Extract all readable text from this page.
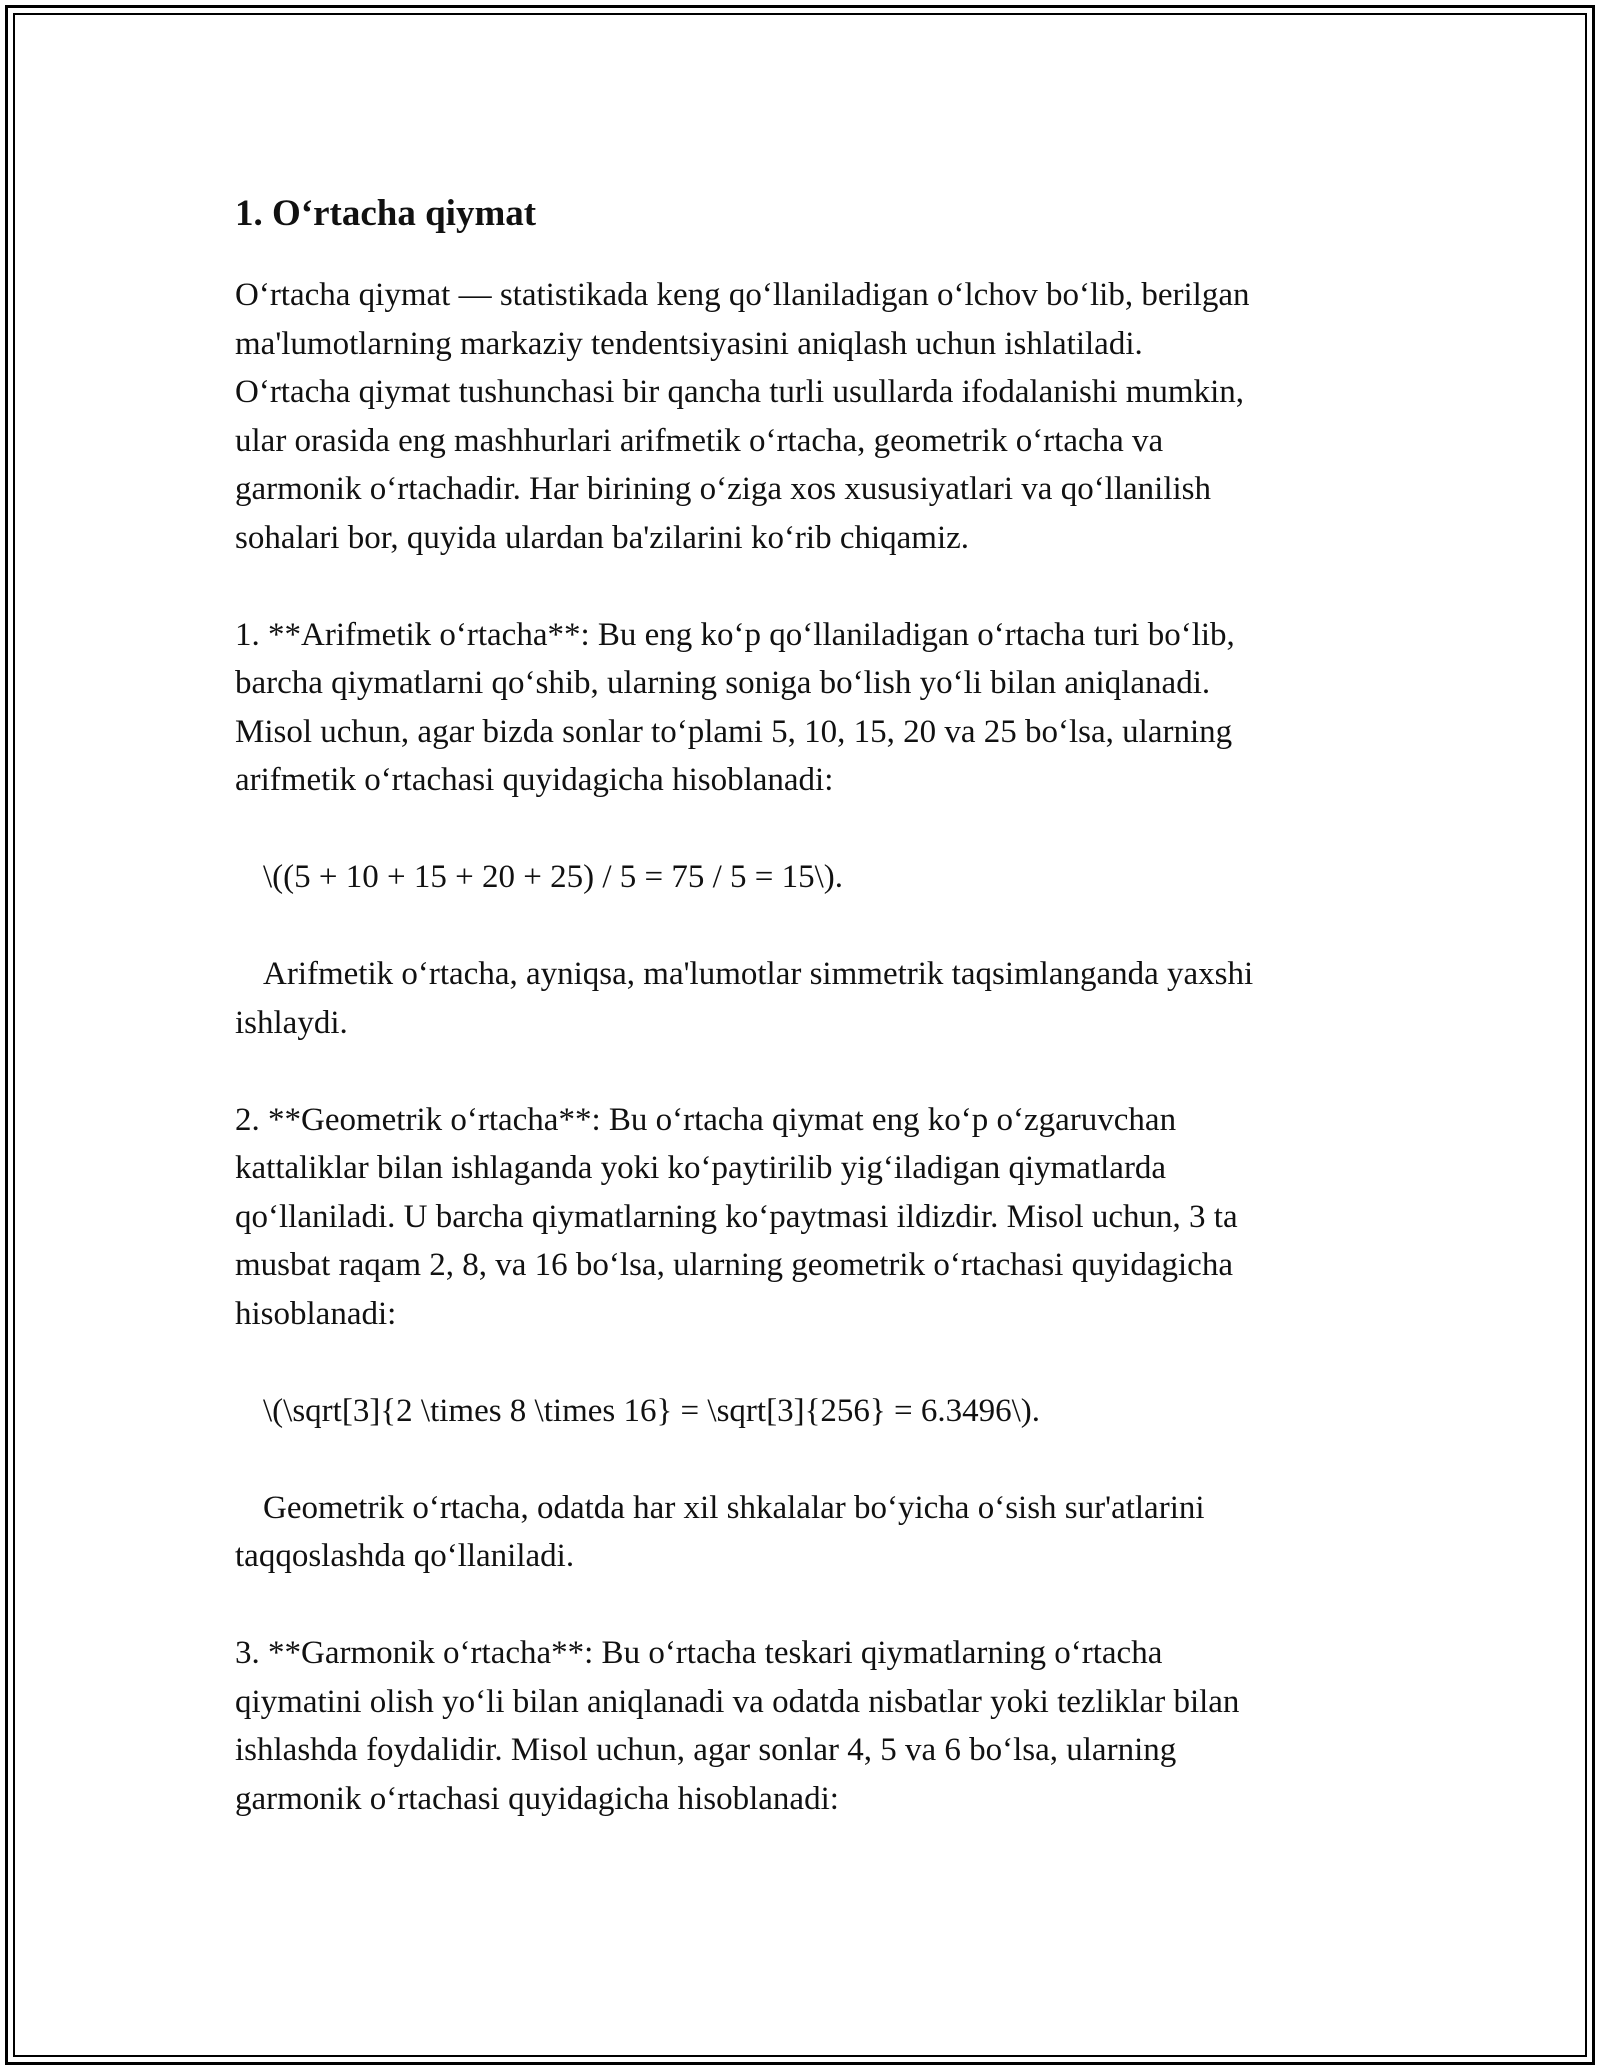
1. O‘rtacha qiymat

O‘rtacha qiymat — statistikada keng qo‘llaniladigan o‘lchov bo‘lib, berilgan
ma'lumotlarning markaziy tendentsiyasini aniqlash uchun ishlatiladi.
O‘rtacha qiymat tushunchasi bir qancha turli usullarda ifodalanishi mumkin,
ular orasida eng mashhurlari arifmetik o‘rtacha, geometrik o‘rtacha va
garmonik o‘rtachadir. Har birining o‘ziga xos xususiyatlari va qo‘llanilish
sohalari bor, quyida ulardan ba'zilarini ko‘rib chiqamiz.

1. **Arifmetik o‘rtacha**: Bu eng ko‘p qo‘llaniladigan o‘rtacha turi bo‘lib,
barcha qiymatlarni qo‘shib, ularning soniga bo‘lish yo‘li bilan aniqlanadi.
Misol uchun, agar bizda sonlar to‘plami 5, 10, 15, 20 va 25 bo‘lsa, ularning
arifmetik o‘rtachasi quyidagicha hisoblanadi:

\((5 + 10 + 15 + 20 + 25) / 5 = 75 / 5 = 15\).

Arifmetik o‘rtacha, ayniqsa, ma'lumotlar simmetrik taqsimlanganda yaxshi
ishlaydi.

2. **Geometrik o‘rtacha**: Bu o‘rtacha qiymat eng ko‘p o‘zgaruvchan
kattaliklar bilan ishlaganda yoki ko‘paytirilib yig‘iladigan qiymatlarda
qo‘llaniladi. U barcha qiymatlarning ko‘paytmasi ildizdir. Misol uchun, 3 ta
musbat raqam 2, 8, va 16 bo‘lsa, ularning geometrik o‘rtachasi quyidagicha
hisoblanadi:

\(\sqrt[3]{2 \times 8 \times 16} = \sqrt[3]{256} = 6.3496\).

Geometrik o‘rtacha, odatda har xil shkalalar bo‘yicha o‘sish sur'atlarini
taqqoslashda qo‘llaniladi.

3. **Garmonik o‘rtacha**: Bu o‘rtacha teskari qiymatlarning o‘rtacha
qiymatini olish yo‘li bilan aniqlanadi va odatda nisbatlar yoki tezliklar bilan
ishlashda foydalidir. Misol uchun, agar sonlar 4, 5 va 6 bo‘lsa, ularning
garmonik o‘rtachasi quyidagicha hisoblanadi:
